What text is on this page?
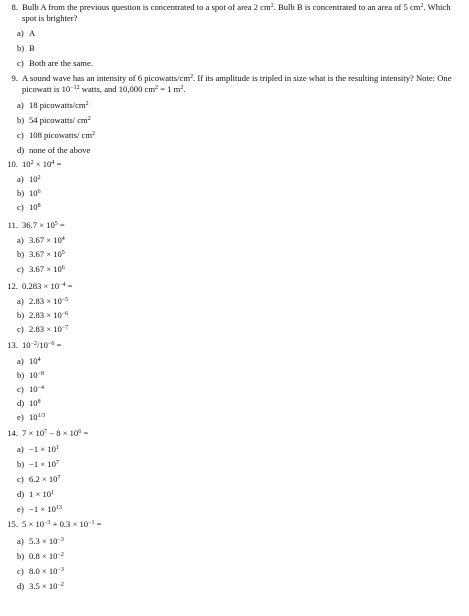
8. Bulb A from the previous question is concentrated to a spot of area 2 $cm^2$. Bulb B is concentrated to an area of 5 $cm^2$. Which spot is brighter?
a) A
b) B
c) Both are the same.
9. A sound wave has an intensity of 6 picowatts/$cm^2$. If its amplitude is tripled in size what is the resulting intensity? Note: One picowatt is $10^{-12}$ watts, and 10,000 $cm^2 = 1$ $m^2$.
a) 18 picowatts/$cm^2$
b) 54 picowatts/ $cm^2$
c) 108 picowatts/ $cm^2$
d) none of the above
10. $10^2 \times 10^4$ =
a) $10^2$
b) $10^6$
c) $10^8$
11. $36.7 \times 10^5$ =
a) $3.67 \times 10^4$
b) $3.67 \times 10^5$
c) $3.67 \times 10^6$
12. $0.283 \times 10^{-4}$ =
a) $2.83 \times 10^{-5}$
b) $2.83 \times 10^{-6}$
c) $2.83 \times 10^{-7}$
13. $10^{-2}/10^{-6}$ =
a) $10^4$
b) $10^{-8}$
c) $10^{-4}$
d) $10^8$
e) $10^{1/3}$
14. $7 \times 10^7 - 8 \times 10^6$ =
$a) -1 \times 10^1$
$b) -1 \times 10^7$
c) $6.2 \times 10^7$
d) $1 \times 10^1$
$e) -1 \times 10^{13}$
15. $5 \times 10^{-3} + 0.3 \times 10^{-1}$ =
a) $5.3 \times 10^{-3}$
b) $0.8 \times 10^{-2}$
c) $8.0 \times 10^{-3}$
d) $3.5 \times 10^{-2}$
